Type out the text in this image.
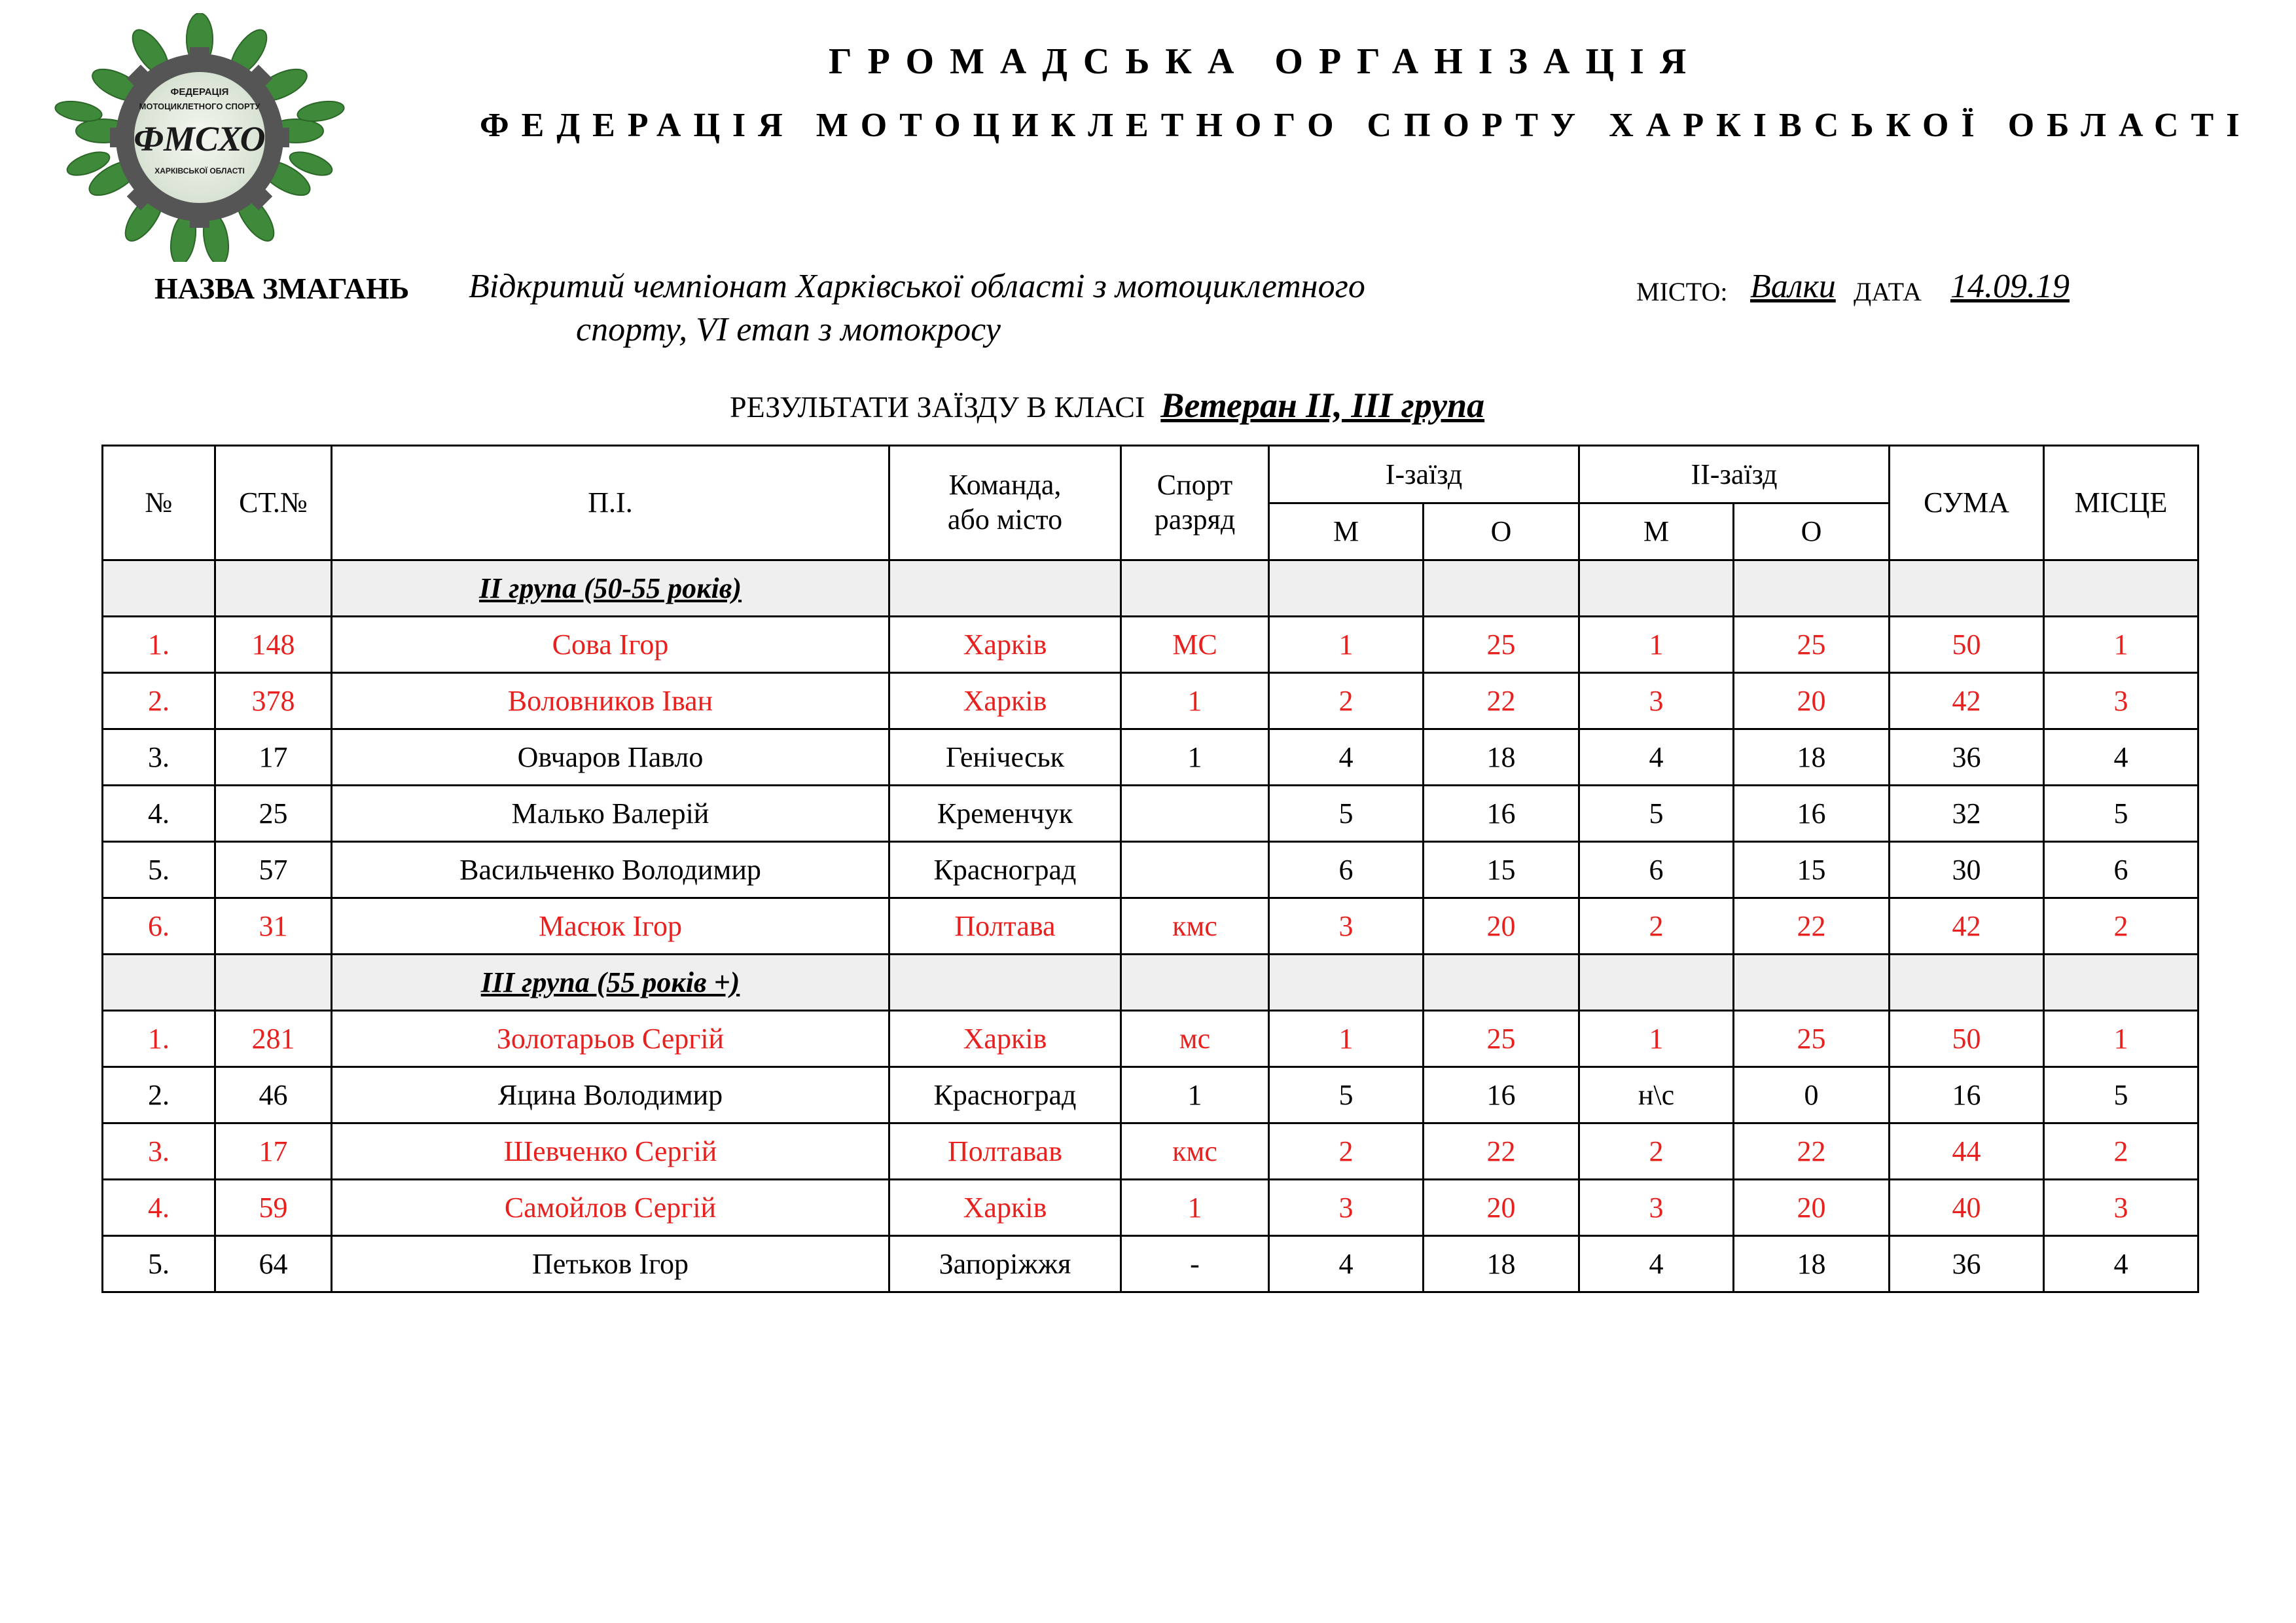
ФЕДЕРАЦІЯ
МОТОЦИКЛЕТНОГО СПОРТУ
ФМСХО
ХАРКІВСЬКОЇ ОБЛАСТІ
ГРОМАДСЬКА ОРГАНІЗАЦІЯ
ФЕДЕРАЦІЯ МОТОЦИКЛЕТНОГО СПОРТУ ХАРКІВСЬКОЇ ОБЛАСТІ
НАЗВА ЗМАГАНЬ Відкритий чемпіонат Харківської області з мотоциклетного
спорту, VI етап з мотокросу
МІСТО: Валки ДАТА 14.09.19
РЕЗУЛЬТАТИ ЗАЇЗДУ В КЛАСІ Ветеран II, III група
№	СТ.№	П.І.	Команда,
або місто	Спорт
разряд	І-заїзд		ІІ-заїзд		СУМА	МІСЦЕ
					М	О	М	О		
		II група (50-55 років)								
1.	148	Сова Ігор	Харків	МС	1	25	1	25	50	1
2.	378	Воловников Іван	Харків	1	2	22	3	20	42	3
3.	17	Овчаров Павло	Генічеськ	1	4	18	4	18	36	4
4.	25	Малько Валерій	Кременчук		5	16	5	16	32	5
5.	57	Васильченко Володимир	Красноград		6	15	6	15	30	6
6.	31	Масюк Ігор	Полтава	кмс	3	20	2	22	42	2
		III група (55 років +)								
1.	281	Золотарьов Сергій	Харків	мс	1	25	1	25	50	1
2.	46	Яцина Володимир	Красноград	1	5	16	н\с	0	16	5
3.	17	Шевченко Сергій	Полтавав	кмс	2	22	2	22	44	2
4.	59	Самойлов Сергій	Харків	1	3	20	3	20	40	3
5.	64	Петьков Ігор	Запоріжжя	-	4	18	4	18	36	4
